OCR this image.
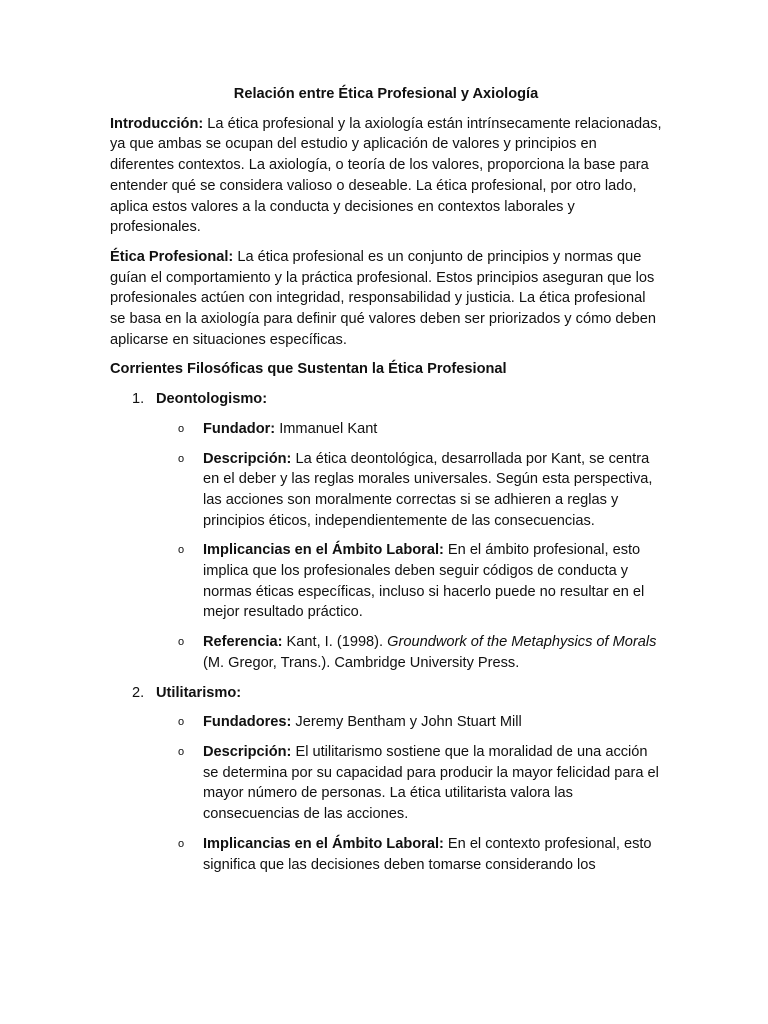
Relación entre Ética Profesional y Axiología

Introducción: La ética profesional y la axiología están intrínsecamente relacionadas, ya que ambas se ocupan del estudio y aplicación de valores y principios en diferentes contextos. La axiología, o teoría de los valores, proporciona la base para entender qué se considera valioso o deseable. La ética profesional, por otro lado, aplica estos valores a la conducta y decisiones en contextos laborales y profesionales.

Ética Profesional: La ética profesional es un conjunto de principios y normas que guían el comportamiento y la práctica profesional. Estos principios aseguran que los profesionales actúen con integridad, responsabilidad y justicia. La ética profesional se basa en la axiología para definir qué valores deben ser priorizados y cómo deben aplicarse en situaciones específicas.

Corrientes Filosóficas que Sustentan la Ética Profesional
1. Deontologismo:
o	Fundador: Immanuel Kant
o	Descripción: La ética deontológica, desarrollada por Kant, se centra en el deber y las reglas morales universales. Según esta perspectiva, las acciones son moralmente correctas si se adhieren a reglas y principios éticos, independientemente de las consecuencias.
o	Implicancias en el Ámbito Laboral: En el ámbito profesional, esto implica que los profesionales deben seguir códigos de conducta y normas éticas específicas, incluso si hacerlo puede no resultar en el mejor resultado práctico.
o	Referencia: Kant, I. (1998). Groundwork of the Metaphysics of Morals (M. Gregor, Trans.). Cambridge University Press.
2. Utilitarismo:
o	Fundadores: Jeremy Bentham y John Stuart Mill
o	Descripción: El utilitarismo sostiene que la moralidad de una acción se determina por su capacidad para producir la mayor felicidad para el mayor número de personas. La ética utilitarista valora las consecuencias de las acciones.
o	Implicancias en el Ámbito Laboral: En el contexto profesional, esto significa que las decisiones deben tomarse considerando los
